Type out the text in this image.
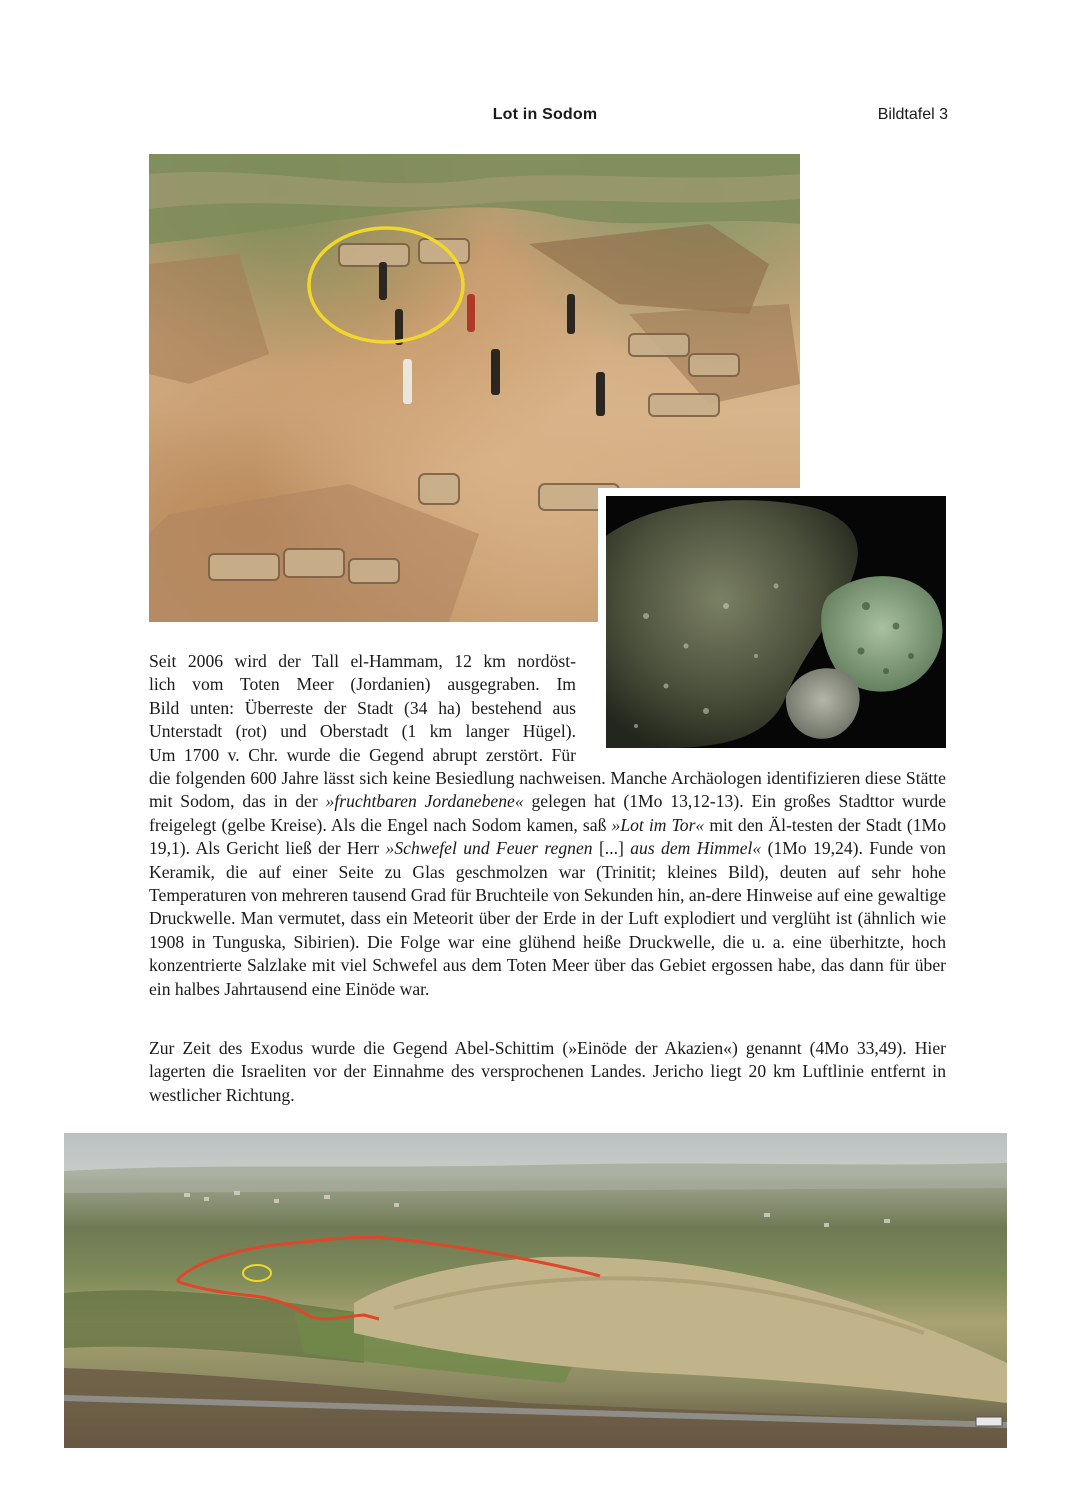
Lot in Sodom	Bildtafel 3

Seit 2006 wird der Tall el-Hammam, 12 km nordöst-
lich vom Toten Meer (Jordanien) ausgegraben. Im
Bild unten: Überreste der Stadt (34 ha) bestehend aus
Unterstadt (rot) und Oberstadt (1 km langer Hügel).
Um 1700 v. Chr. wurde die Gegend abrupt zerstört. Für
die folgenden 600 Jahre lässt sich keine Besiedlung nachweisen. Manche Archäologen identifizieren diese Stätte mit Sodom, das in der »fruchtbaren Jordanebene« gelegen hat (1Mo 13,12-13). Ein großes Stadttor wurde freigelegt (gelbe Kreise). Als die Engel nach Sodom kamen, saß »Lot im Tor« mit den Äl-testen der Stadt (1Mo 19,1). Als Gericht ließ der Herr »Schwefel und Feuer regnen [...] aus dem Himmel« (1Mo 19,24). Funde von Keramik, die auf einer Seite zu Glas geschmolzen war (Trinitit; kleines Bild), deuten auf sehr hohe Temperaturen von mehreren tausend Grad für Bruchteile von Sekunden hin, an-dere Hinweise auf eine gewaltige Druckwelle. Man vermutet, dass ein Meteorit über der Erde in der Luft explodiert und verglüht ist (ähnlich wie 1908 in Tunguska, Sibirien). Die Folge war eine glühend heiße Druckwelle, die u. a. eine überhitzte, hoch konzentrierte Salzlake mit viel Schwefel aus dem Toten Meer über das Gebiet ergossen habe, das dann für über ein halbes Jahrtausend eine Einöde war.

Zur Zeit des Exodus wurde die Gegend Abel-Schittim (»Einöde der Akazien«) genannt (4Mo 33,49). Hier lagerten die Israeliten vor der Einnahme des versprochenen Landes. Jericho liegt 20 km Luftlinie entfernt in westlicher Richtung.
